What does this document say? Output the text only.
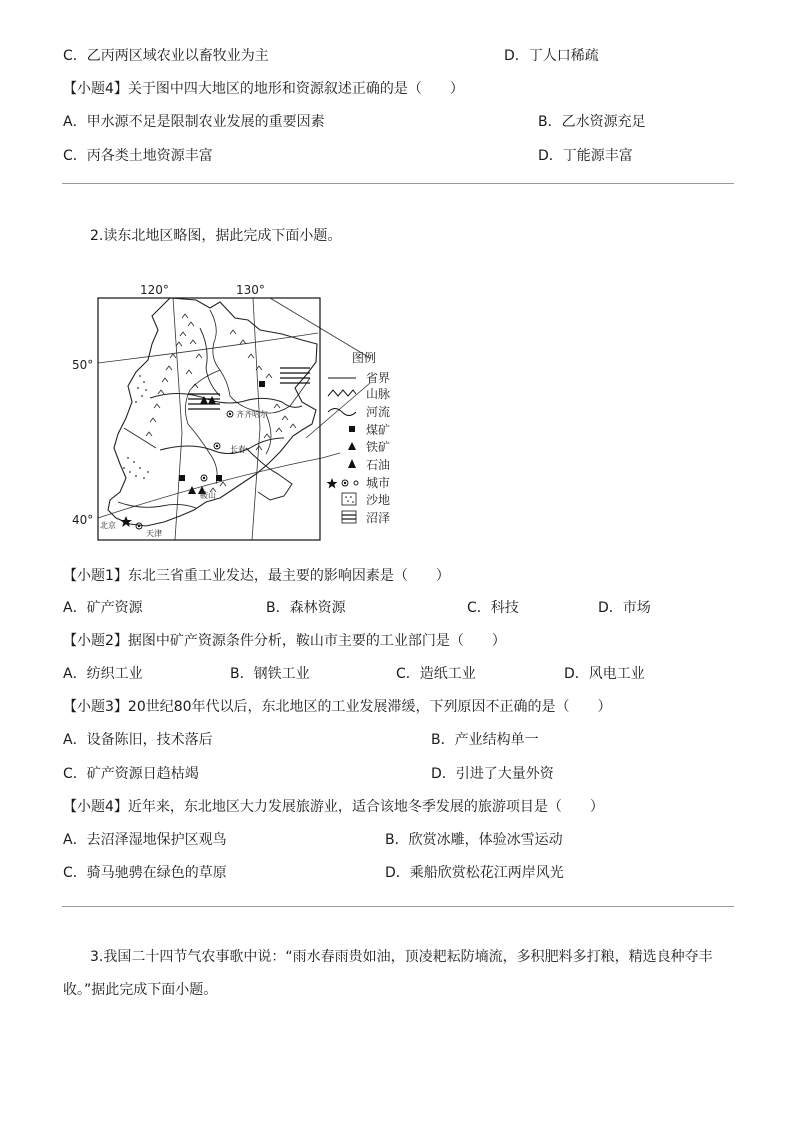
C．乙丙两区域农业以畜牧业为主	D．丁人口稀疏
【小题4】关于图中四大地区的地形和资源叙述正确的是（　　）
A．甲水源不足是限制农业发展的重要因素	B．乙水资源充足
C．丙各类土地资源丰富	D．丁能源丰富
2.读东北地区略图，据此完成下面小题。
120°	130°
50°
40°
齐齐哈尔
长春
鞍山
北京
天津
图例
省界
山脉
河流
煤矿
铁矿
石油
城市
沙地
沼泽
【小题1】东北三省重工业发达，最主要的影响因素是（　　）
A．矿产资源	B．森林资源	C．科技	D．市场
【小题2】据图中矿产资源条件分析，鞍山市主要的工业部门是（　　）
A．纺织工业	B．钢铁工业	C．造纸工业	D．风电工业
【小题3】20世纪80年代以后，东北地区的工业发展滞缓，下列原因不正确的是（　　）
A．设备陈旧，技术落后	B．产业结构单一
C．矿产资源日趋枯竭	D．引进了大量外资
【小题4】近年来，东北地区大力发展旅游业，适合该地冬季发展的旅游项目是（　　）
A．去沼泽湿地保护区观鸟	B．欣赏冰雕，体验冰雪运动
C．骑马驰骋在绿色的草原	D．乘船欣赏松花江两岸风光
3.我国二十四节气农事歌中说：“雨水春雨贵如油，顶凌耙耘防墒流，多积肥料多打粮，精选良种夺丰
收。”据此完成下面小题。
